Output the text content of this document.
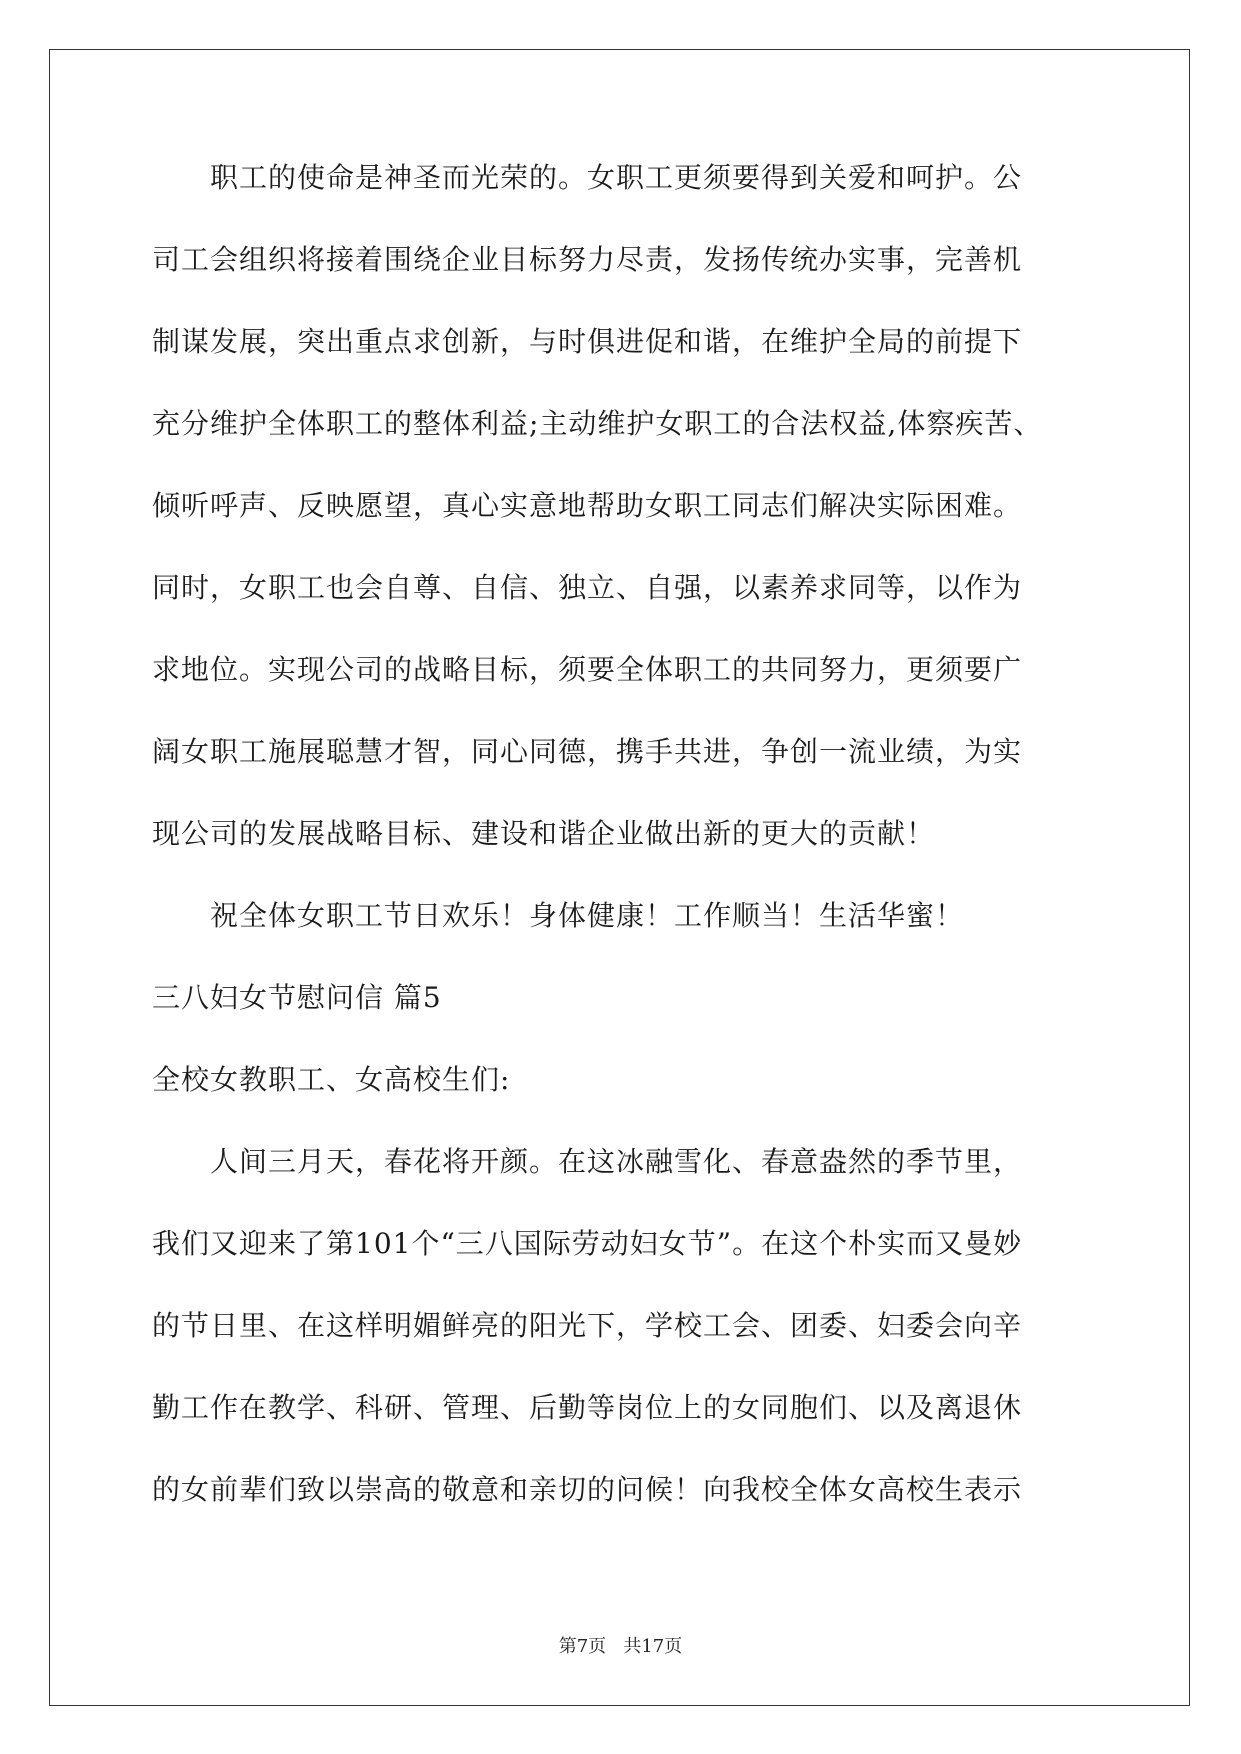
职工的使命是神圣而光荣的。女职工更须要得到关爱和呵护。公
司工会组织将接着围绕企业目标努力尽责，发扬传统办实事，完善机
制谋发展，突出重点求创新，与时俱进促和谐，在维护全局的前提下
充分维护全体职工的整体利益;主动维护女职工的合法权益,体察疾苦、
倾听呼声、反映愿望，真心实意地帮助女职工同志们解决实际困难。
同时，女职工也会自尊、自信、独立、自强，以素养求同等，以作为
求地位。实现公司的战略目标，须要全体职工的共同努力，更须要广
阔女职工施展聪慧才智，同心同德，携手共进，争创一流业绩，为实
现公司的发展战略目标、建设和谐企业做出新的更大的贡献！
祝全体女职工节日欢乐！身体健康！工作顺当！生活华蜜！
三八妇女节慰问信 篇5
全校女教职工、女高校生们:
人间三月天，春花将开颜。在这冰融雪化、春意盎然的季节里，
我们又迎来了第101个“三八国际劳动妇女节”。在这个朴实而又曼妙
的节日里、在这样明媚鲜亮的阳光下，学校工会、团委、妇委会向辛
勤工作在教学、科研、管理、后勤等岗位上的女同胞们、以及离退休
的女前辈们致以崇高的敬意和亲切的问候！向我校全体女高校生表示
第7页   共17页
